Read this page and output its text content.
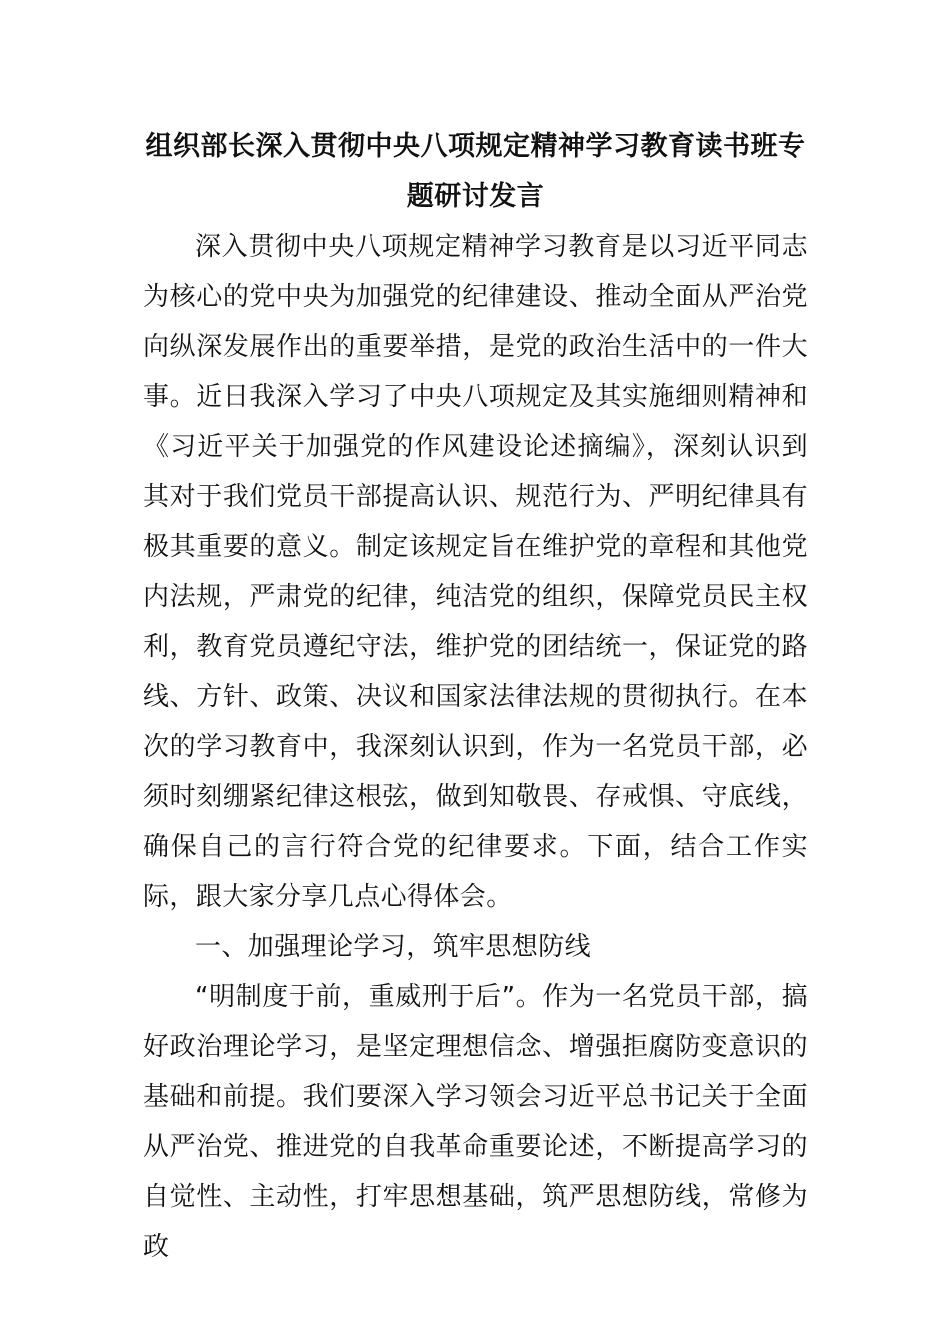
组织部长深入贯彻中央八项规定精神学习教育读书班专题研讨发言

深入贯彻中央八项规定精神学习教育是以习近平同志为核心的党中央为加强党的纪律建设、推动全面从严治党向纵深发展作出的重要举措，是党的政治生活中的一件大事。近日我深入学习了中央八项规定及其实施细则精神和《习近平关于加强党的作风建设论述摘编》，深刻认识到其对于我们党员干部提高认识、规范行为、严明纪律具有极其重要的意义。制定该规定旨在维护党的章程和其他党内法规，严肃党的纪律，纯洁党的组织，保障党员民主权利，教育党员遵纪守法，维护党的团结统一，保证党的路线、方针、政策、决议和国家法律法规的贯彻执行。在本次的学习教育中，我深刻认识到，作为一名党员干部，必须时刻绷紧纪律这根弦，做到知敬畏、存戒惧、守底线，确保自己的言行符合党的纪律要求。下面，结合工作实际，跟大家分享几点心得体会。

一、加强理论学习，筑牢思想防线

“明制度于前，重威刑于后”。作为一名党员干部，搞好政治理论学习，是坚定理想信念、增强拒腐防变意识的基础和前提。我们要深入学习领会习近平总书记关于全面从严治党、推进党的自我革命重要论述，不断提高学习的自觉性、主动性，打牢思想基础，筑严思想防线，常修为政
